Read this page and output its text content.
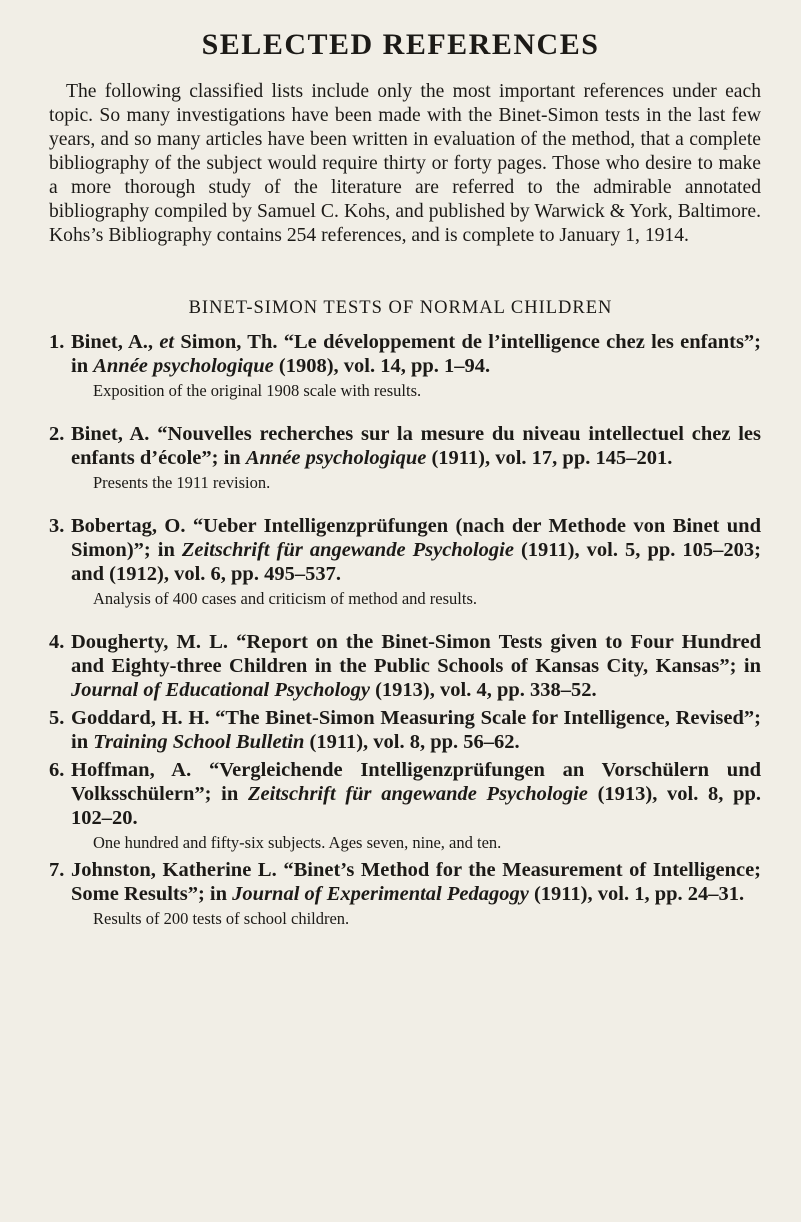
SELECTED REFERENCES

The following classified lists include only the most important references under each topic. So many investigations have been made with the Binet-Simon tests in the last few years, and so many articles have been written in evaluation of the method, that a complete bibliography of the subject would require thirty or forty pages. Those who desire to make a more thorough study of the literature are referred to the admirable annotated bibliography compiled by Samuel C. Kohs, and published by Warwick & York, Baltimore. Kohs’s Bibliography contains 254 references, and is complete to January 1, 1914.

BINET-SIMON TESTS OF NORMAL CHILDREN
1. Binet, A., et Simon, Th. “Le développement de l’intelligence chez les enfants”; in Année psychologique (1908), vol. 14, pp. 1–94.

Exposition of the original 1908 scale with results.

2. Binet, A. “Nouvelles recherches sur la mesure du niveau intellectuel chez les enfants d’école”; in Année psychologique (1911), vol. 17, pp. 145–201.

Presents the 1911 revision.

3. Bobertag, O. “Ueber Intelligenzprüfungen (nach der Methode von Binet und Simon)”; in Zeitschrift für angewande Psychologie (1911), vol. 5, pp. 105–203; and (1912), vol. 6, pp. 495–537.

Analysis of 400 cases and criticism of method and results.

4. Dougherty, M. L. “Report on the Binet-Simon Tests given to Four Hundred and Eighty-three Children in the Public Schools of Kansas City, Kansas”; in Journal of Educational Psychology (1913), vol. 4, pp. 338–52.

5. Goddard, H. H. “The Binet-Simon Measuring Scale for Intelligence, Revised”; in Training School Bulletin (1911), vol. 8, pp. 56–62.

6. Hoffman, A. “Vergleichende Intelligenzprüfungen an Vorschülern und Volksschülern”; in Zeitschrift für angewande Psychologie (1913), vol. 8, pp. 102–20.

One hundred and fifty-six subjects. Ages seven, nine, and ten.

7. Johnston, Katherine L. “Binet’s Method for the Measurement of Intelligence; Some Results”; in Journal of Experimental Pedagogy (1911), vol. 1, pp. 24–31.

Results of 200 tests of school children.
